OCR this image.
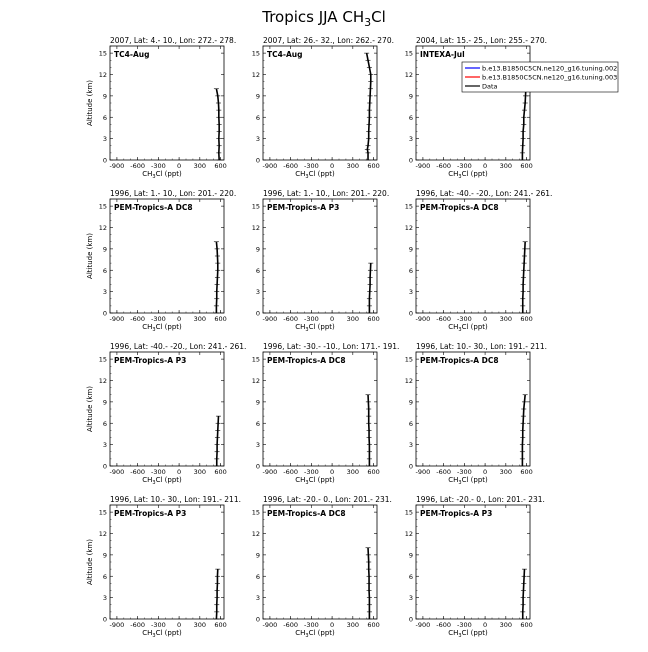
Tropics JJA $CH_3Cl$
2007, Lat: 4.- 10., Lon: 272.- 278.
TC4-Aug
-900 -600 -300 0 300 600
0
3
6
9
12
15
$CH_3Cl$ (ppt)
Altitude (km)
2007, Lat: 26.- 32., Lon: 262.- 270.
TC4-Aug
-900 -600 -300 0 300 600
0
3
6
9
12
15
$CH_3Cl$ (ppt)
2004, Lat: 15.- 25., Lon: 255.- 270.
INTEXA-Jul
-900 -600 -300 0 300 600
0
3
6
9
12
15
$CH_3Cl$ (ppt)
b.e13.B1850C5CN.ne120_g16.tuning.002
b.e13.B1850C5CN.ne120_g16.tuning.003
Data
1996, Lat: 1.- 10., Lon: 201.- 220.
PEM-Tropics-A DC8
-900 -600 -300 0 300 600
0
3
6
9
12
15
$CH_3Cl$ (ppt)
Altitude (km)
1996, Lat: 1.- 10., Lon: 201.- 220.
PEM-Tropics-A P3
-900 -600 -300 0 300 600
0
3
6
9
12
15
$CH_3Cl$ (ppt)
1996, Lat: -40.- -20., Lon: 241.- 261.
PEM-Tropics-A DC8
-900 -600 -300 0 300 600
0
3
6
9
12
15
$CH_3Cl$ (ppt)
1996, Lat: -40.- -20., Lon: 241.- 261.
PEM-Tropics-A P3
-900 -600 -300 0 300 600
0
3
6
9
12
15
$CH_3Cl$ (ppt)
Altitude (km)
1996, Lat: -30.- -10., Lon: 171.- 191.
PEM-Tropics-A DC8
-900 -600 -300 0 300 600
0
3
6
9
12
15
$CH_3Cl$ (ppt)
1996, Lat: 10.- 30., Lon: 191.- 211.
PEM-Tropics-A DC8
-900 -600 -300 0 300 600
0
3
6
9
12
15
$CH_3Cl$ (ppt)
1996, Lat: 10.- 30., Lon: 191.- 211.
PEM-Tropics-A P3
-900 -600 -300 0 300 600
0
3
6
9
12
15
$CH_3Cl$ (ppt)
Altitude (km)
1996, Lat: -20.- 0., Lon: 201.- 231.
PEM-Tropics-A DC8
-900 -600 -300 0 300 600
0
3
6
9
12
15
$CH_3Cl$ (ppt)
1996, Lat: -20.- 0., Lon: 201.- 231.
PEM-Tropics-A P3
-900 -600 -300 0 300 600
0
3
6
9
12
15
$CH_3Cl$ (ppt)
